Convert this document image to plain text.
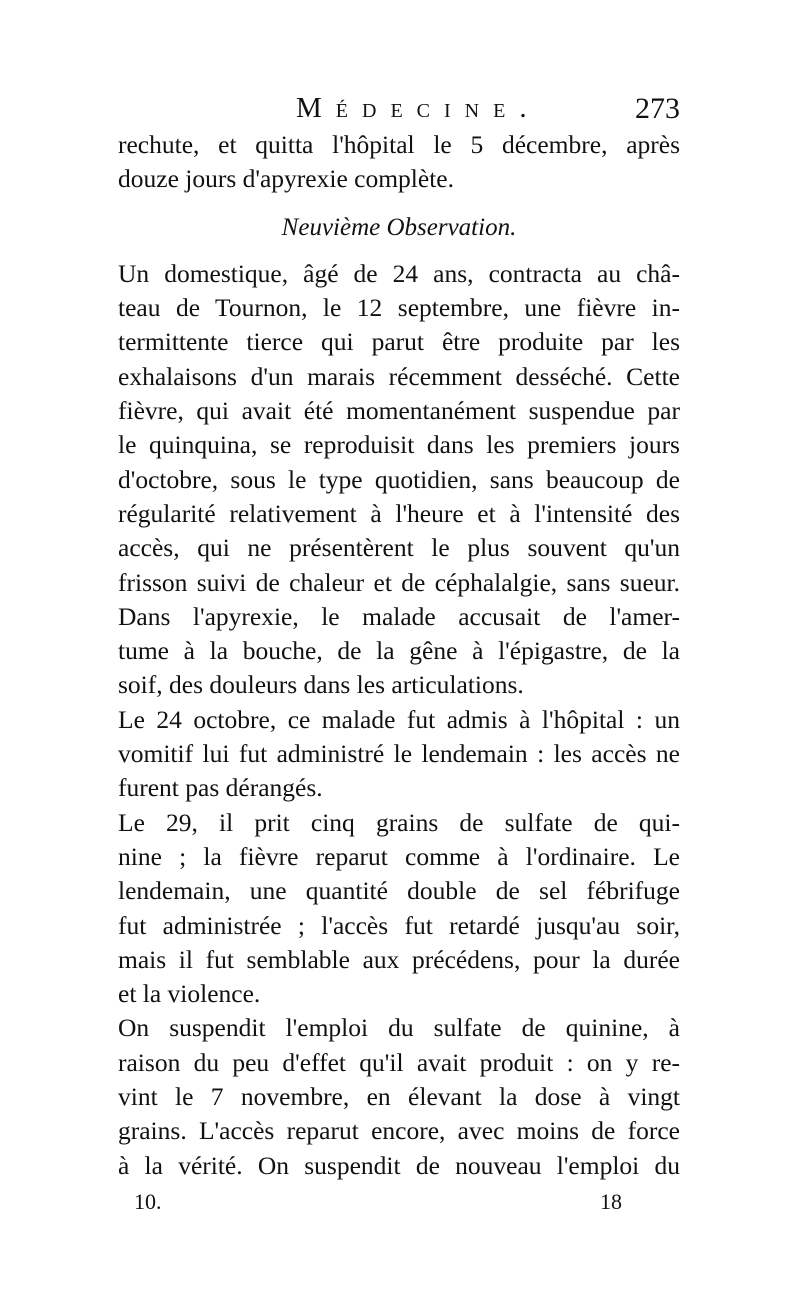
Médecine.	273
rechute, et quitta l'hôpital le 5 décembre, après
douze jours d'apyrexie complète.
Neuvième Observation.
Un domestique, âgé de 24 ans, contracta au châ-
teau de Tournon, le 12 septembre, une fièvre in-
termittente tierce qui parut être produite par les
exhalaisons d'un marais récemment desséché. Cette
fièvre, qui avait été momentanément suspendue par
le quinquina, se reproduisit dans les premiers jours
d'octobre, sous le type quotidien, sans beaucoup de
régularité relativement à l'heure et à l'intensité des
accès, qui ne présentèrent le plus souvent qu'un
frisson suivi de chaleur et de céphalalgie, sans sueur.
Dans l'apyrexie, le malade accusait de l'amer-
tume à la bouche, de la gêne à l'épigastre, de la
soif, des douleurs dans les articulations.
Le 24 octobre, ce malade fut admis à l'hôpital : un
vomitif lui fut administré le lendemain : les accès ne
furent pas dérangés.
Le 29, il prit cinq grains de sulfate de qui-
nine ; la fièvre reparut comme à l'ordinaire. Le
lendemain, une quantité double de sel fébrifuge
fut administrée ; l'accès fut retardé jusqu'au soir,
mais il fut semblable aux précédens, pour la durée
et la violence.
On suspendit l'emploi du sulfate de quinine, à
raison du peu d'effet qu'il avait produit : on y re-
vint le 7 novembre, en élevant la dose à vingt
grains. L'accès reparut encore, avec moins de force
à la vérité. On suspendit de nouveau l'emploi du
10.	18
